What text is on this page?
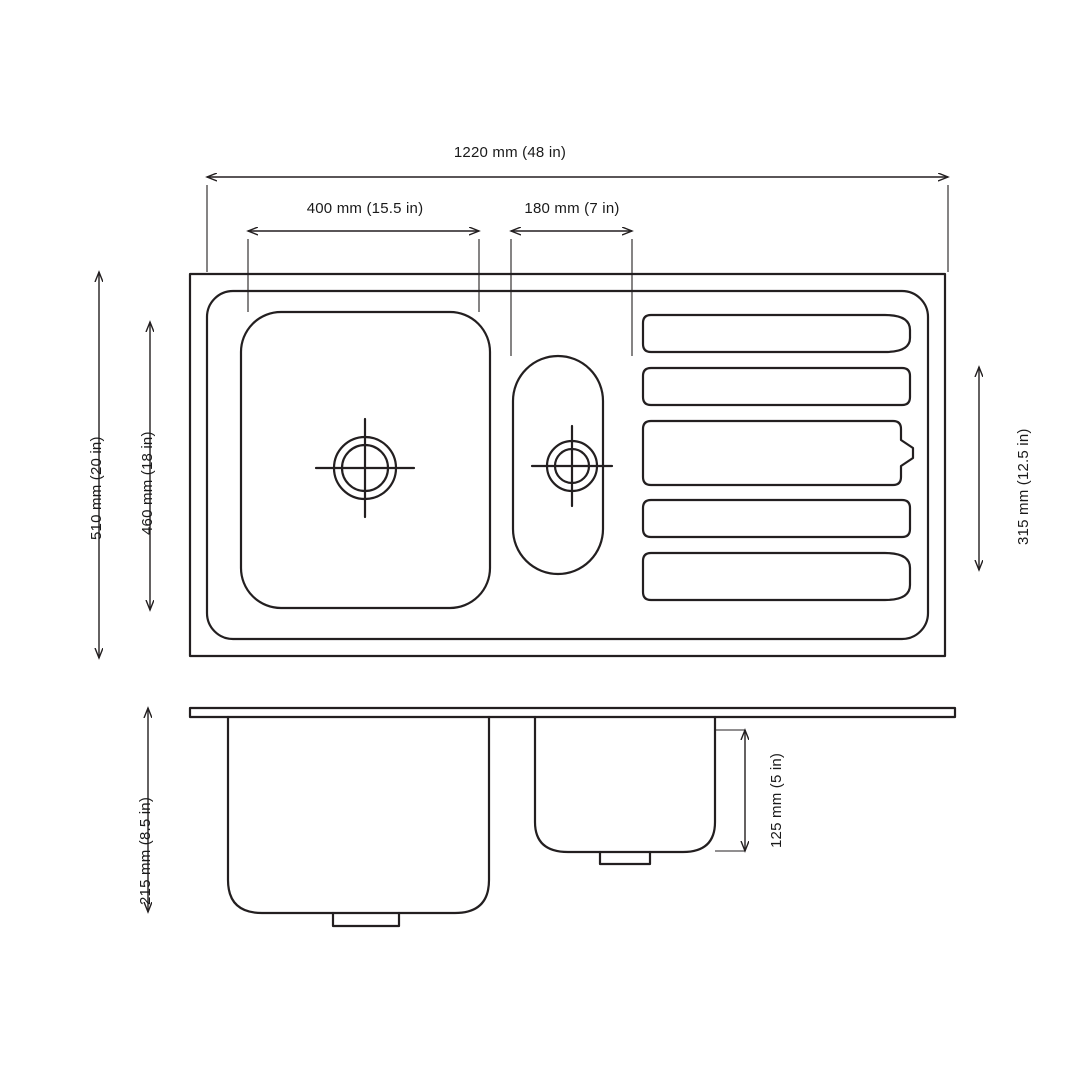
1220 mm (48 in)
400 mm (15.5 in)	180 mm (7 in)
510 mm (20 in) 460 mm (18 in)	315 mm (12.5 in)
215 mm (8.5 in)	125 mm (5 in)
